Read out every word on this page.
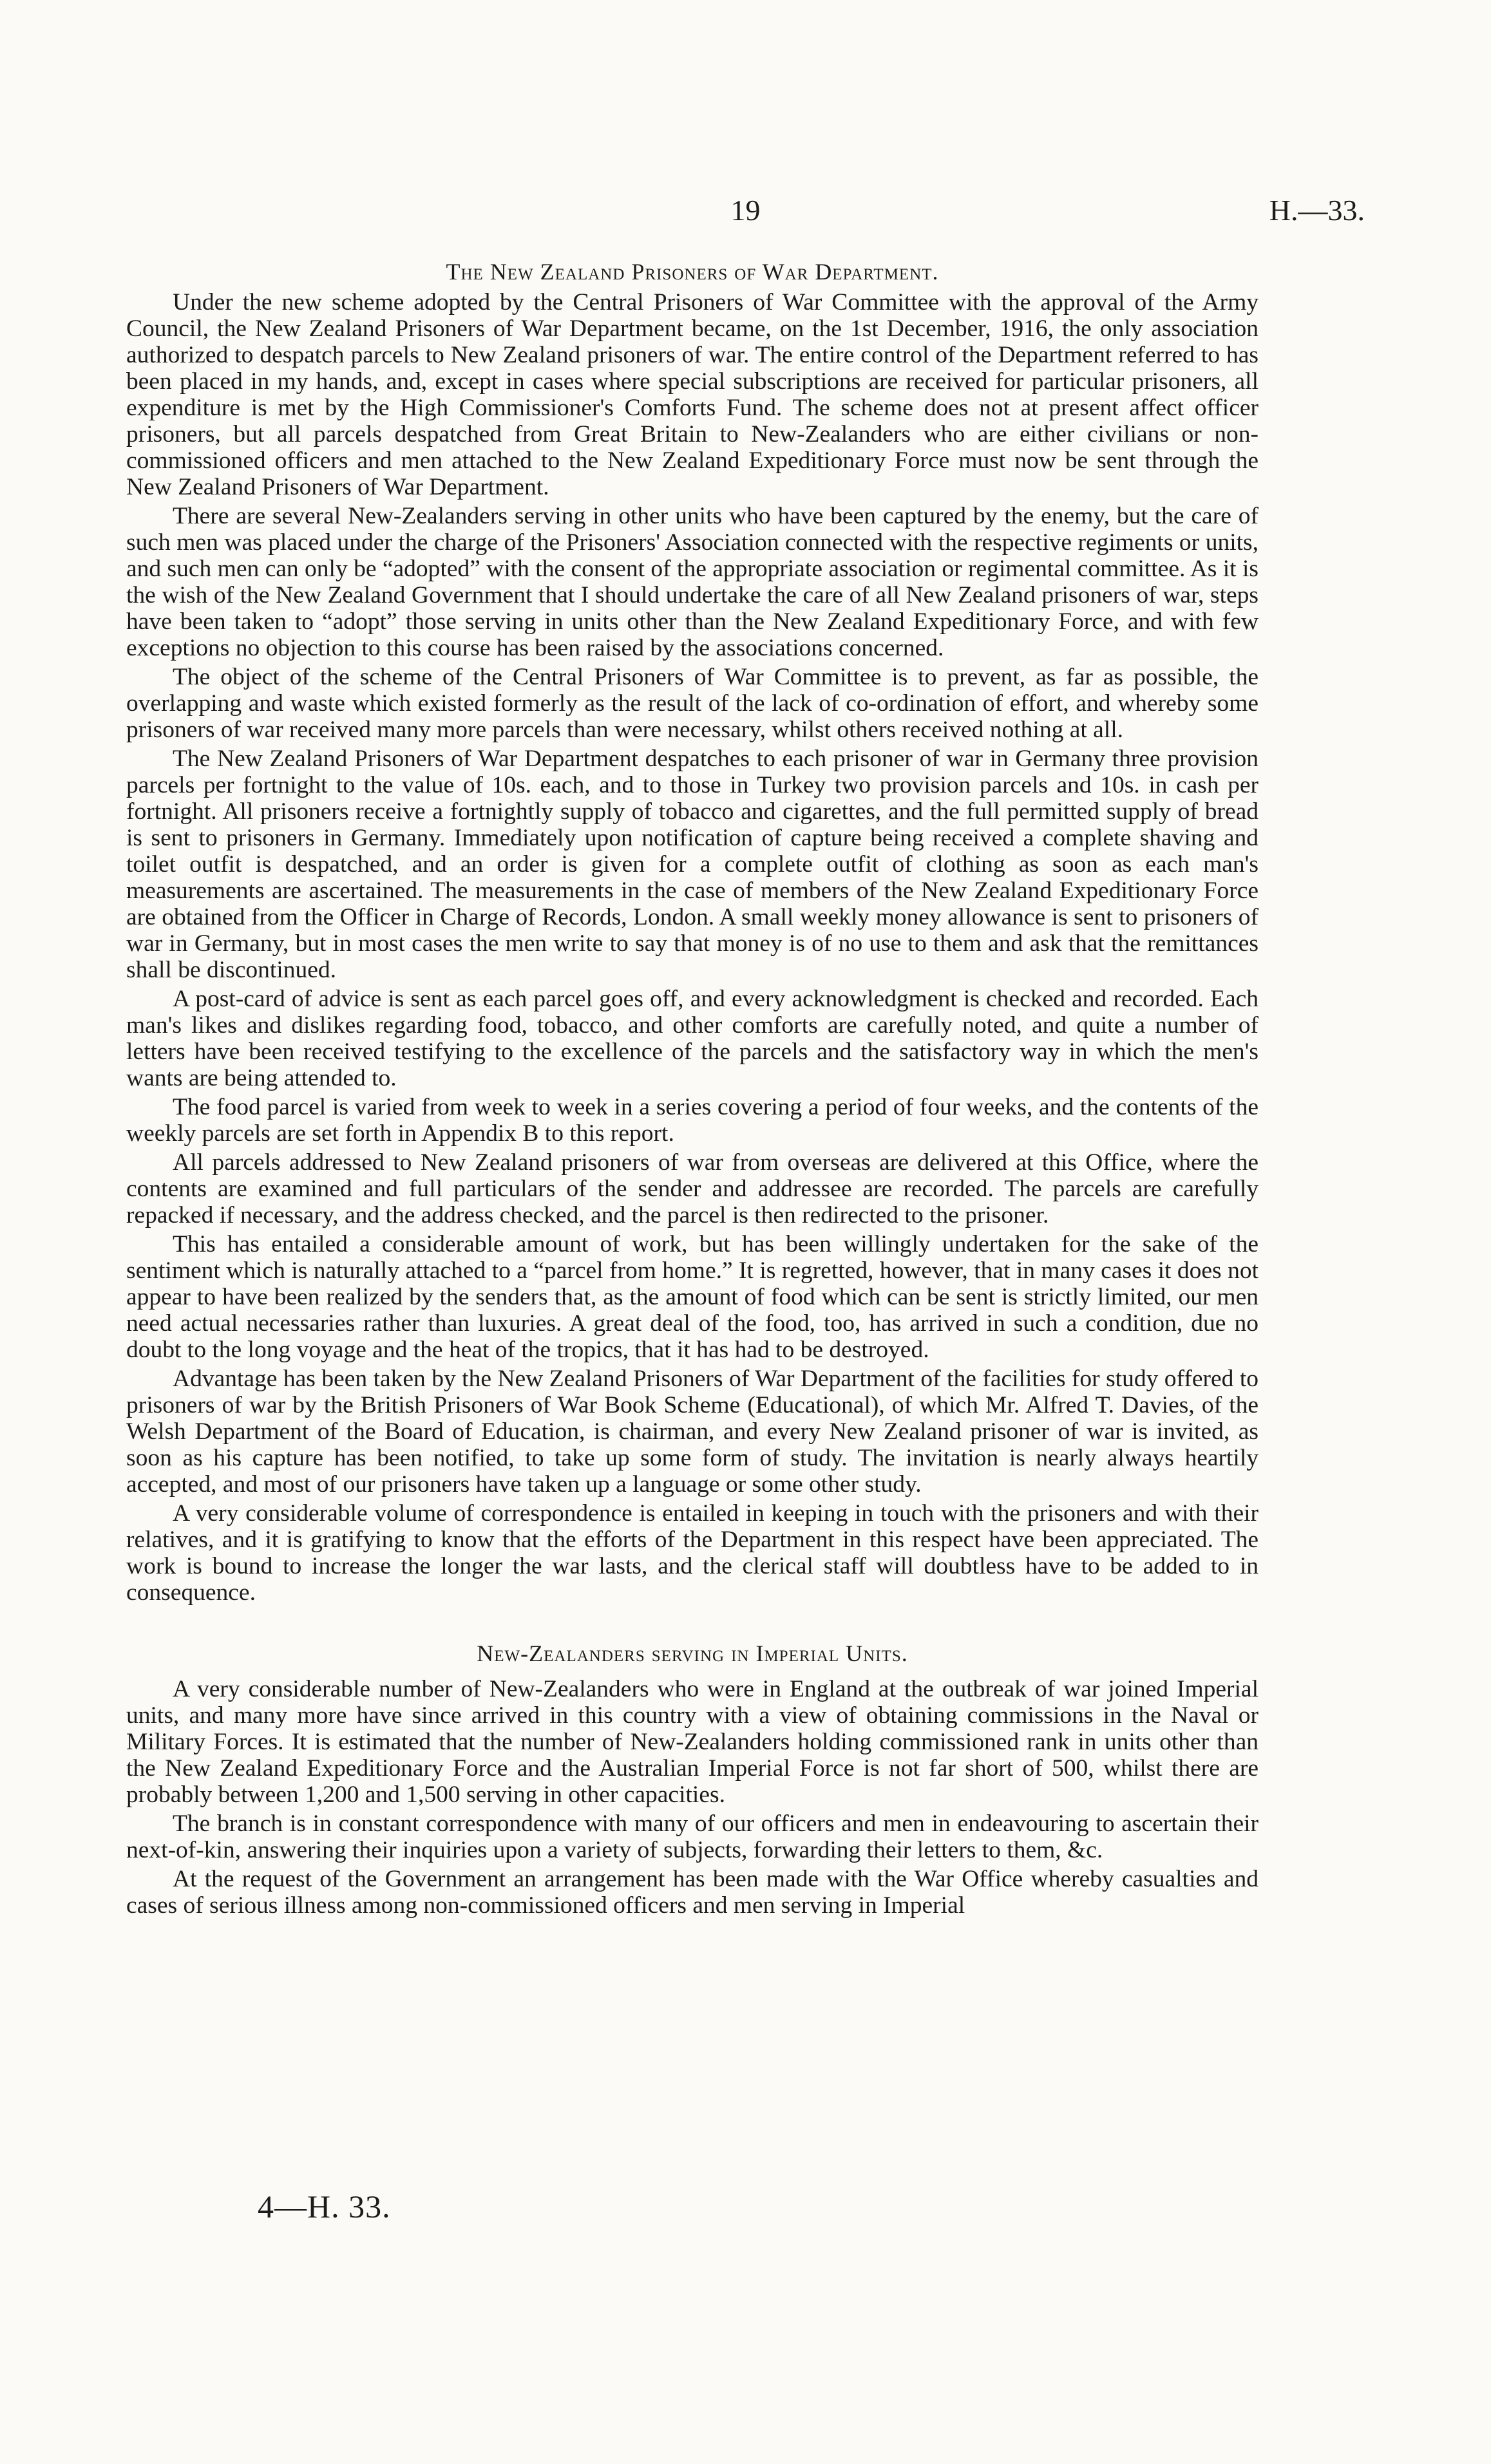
19	H.—33.
The New Zealand Prisoners of War Department.

Under the new scheme adopted by the Central Prisoners of War Committee with the approval of the Army Council, the New Zealand Prisoners of War Department became, on the 1st December, 1916, the only association authorized to despatch parcels to New Zealand prisoners of war. The entire control of the Department referred to has been placed in my hands, and, except in cases where special subscriptions are received for particular prisoners, all expenditure is met by the High Commissioner's Comforts Fund. The scheme does not at present affect officer prisoners, but all parcels despatched from Great Britain to New-Zealanders who are either civilians or non-commissioned officers and men attached to the New Zealand Expeditionary Force must now be sent through the New Zealand Prisoners of War Department.

There are several New-Zealanders serving in other units who have been captured by the enemy, but the care of such men was placed under the charge of the Prisoners' Association connected with the respective regiments or units, and such men can only be “adopted” with the consent of the appropriate association or regimental committee. As it is the wish of the New Zealand Government that I should undertake the care of all New Zealand prisoners of war, steps have been taken to “adopt” those serving in units other than the New Zealand Expeditionary Force, and with few exceptions no objection to this course has been raised by the associations concerned.

The object of the scheme of the Central Prisoners of War Committee is to prevent, as far as possible, the overlapping and waste which existed formerly as the result of the lack of co-ordination of effort, and whereby some prisoners of war received many more parcels than were necessary, whilst others received nothing at all.

The New Zealand Prisoners of War Department despatches to each prisoner of war in Germany three provision parcels per fortnight to the value of 10s. each, and to those in Turkey two provision parcels and 10s. in cash per fortnight. All prisoners receive a fortnightly supply of tobacco and cigarettes, and the full permitted supply of bread is sent to prisoners in Germany. Immediately upon notification of capture being received a complete shaving and toilet outfit is despatched, and an order is given for a complete outfit of clothing as soon as each man's measurements are ascertained. The measurements in the case of members of the New Zealand Expeditionary Force are obtained from the Officer in Charge of Records, London. A small weekly money allowance is sent to prisoners of war in Germany, but in most cases the men write to say that money is of no use to them and ask that the remittances shall be discontinued.

A post-card of advice is sent as each parcel goes off, and every acknowledgment is checked and recorded. Each man's likes and dislikes regarding food, tobacco, and other comforts are carefully noted, and quite a number of letters have been received testifying to the excellence of the parcels and the satisfactory way in which the men's wants are being attended to.

The food parcel is varied from week to week in a series covering a period of four weeks, and the contents of the weekly parcels are set forth in Appendix B to this report.

All parcels addressed to New Zealand prisoners of war from overseas are delivered at this Office, where the contents are examined and full particulars of the sender and addressee are recorded. The parcels are carefully repacked if necessary, and the address checked, and the parcel is then redirected to the prisoner.

This has entailed a considerable amount of work, but has been willingly undertaken for the sake of the sentiment which is naturally attached to a “parcel from home.” It is regretted, however, that in many cases it does not appear to have been realized by the senders that, as the amount of food which can be sent is strictly limited, our men need actual necessaries rather than luxuries. A great deal of the food, too, has arrived in such a condition, due no doubt to the long voyage and the heat of the tropics, that it has had to be destroyed.

Advantage has been taken by the New Zealand Prisoners of War Department of the facilities for study offered to prisoners of war by the British Prisoners of War Book Scheme (Educational), of which Mr. Alfred T. Davies, of the Welsh Department of the Board of Education, is chairman, and every New Zealand prisoner of war is invited, as soon as his capture has been notified, to take up some form of study. The invitation is nearly always heartily accepted, and most of our prisoners have taken up a language or some other study.

A very considerable volume of correspondence is entailed in keeping in touch with the prisoners and with their relatives, and it is gratifying to know that the efforts of the Department in this respect have been appreciated. The work is bound to increase the longer the war lasts, and the clerical staff will doubtless have to be added to in consequence.

New-Zealanders serving in Imperial Units.

A very considerable number of New-Zealanders who were in England at the outbreak of war joined Imperial units, and many more have since arrived in this country with a view of obtaining commissions in the Naval or Military Forces. It is estimated that the number of New-Zealanders holding commissioned rank in units other than the New Zealand Expeditionary Force and the Australian Imperial Force is not far short of 500, whilst there are probably between 1,200 and 1,500 serving in other capacities.

The branch is in constant correspondence with many of our officers and men in endeavouring to ascertain their next-of-kin, answering their inquiries upon a variety of subjects, forwarding their letters to them, &c.

At the request of the Government an arrangement has been made with the War Office whereby casualties and cases of serious illness among non-commissioned officers and men serving in Imperial

4—H. 33.
